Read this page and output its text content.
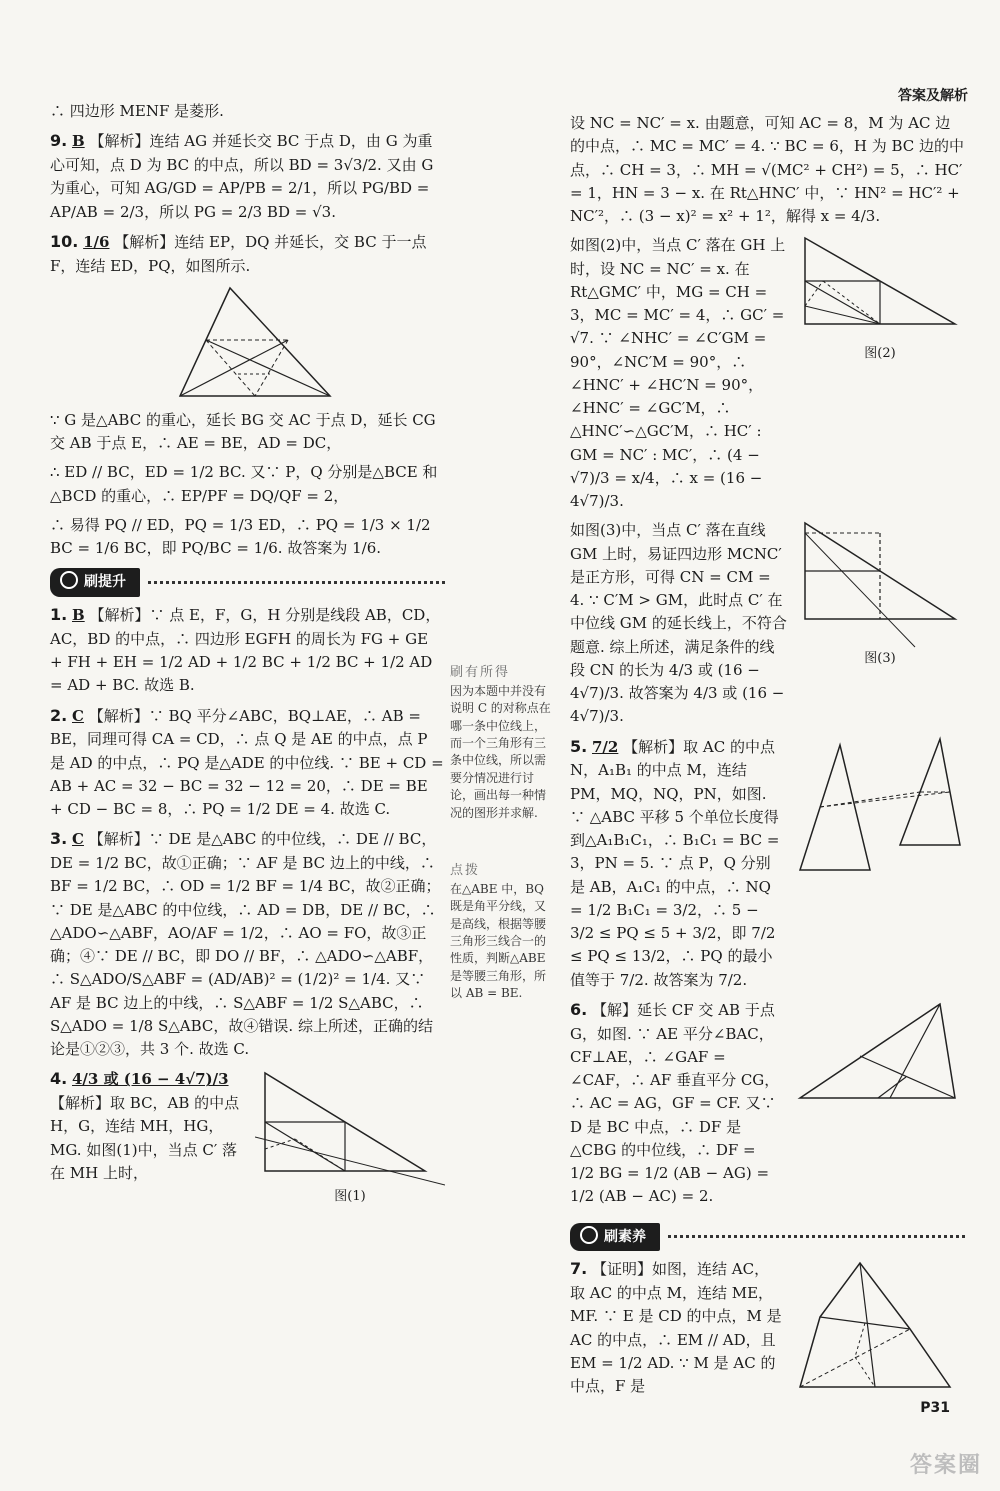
答案及解析

∴ 四边形 MENF 是菱形.

9. B 【解析】连结 AG 并延长交 BC 于点 D，由 G 为重心可知，点 D 为 BC 的中点，所以 BD = 3√3/2. 又由 G 为重心，可知 AG/GD = AP/PB = 2/1，所以 PG/BD = AP/AB = 2/3，所以 PG = 2/3 BD = √3.

10. 1/6 【解析】连结 EP，DQ 并延长，交 BC 于一点 F，连结 ED，PQ，如图所示.

∵ G 是△ABC 的重心，延长 BG 交 AC 于点 D，延长 CG 交 AB 于点 E，∴ AE = BE，AD = DC，

∴ ED // BC，ED = 1/2 BC. 又∵ P，Q 分别是△BCE 和△BCD 的重心，∴ EP/PF = DQ/QF = 2，

∴ 易得 PQ // ED，PQ = 1/3 ED，∴ PQ = 1/3 × 1/2 BC = 1/6 BC，即 PQ/BC = 1/6. 故答案为 1/6.

刷提升

1. B 【解析】∵ 点 E，F，G，H 分别是线段 AB，CD，AC，BD 的中点，∴ 四边形 EGFH 的周长为 FG + GE + FH + EH = 1/2 AD + 1/2 BC + 1/2 BC + 1/2 AD = AD + BC. 故选 B.

2. C 【解析】∵ BQ 平分∠ABC，BQ⊥AE，∴ AB = BE，同理可得 CA = CD，∴ 点 Q 是 AE 的中点，点 P 是 AD 的中点，∴ PQ 是△ADE 的中位线. ∵ BE + CD = AB + AC = 32 − BC = 32 − 12 = 20，∴ DE = BE + CD − BC = 8，∴ PQ = 1/2 DE = 4. 故选 C.

3. C 【解析】∵ DE 是△ABC 的中位线，∴ DE // BC，DE = 1/2 BC，故①正确；∵ AF 是 BC 边上的中线，∴ BF = 1/2 BC，∴ OD = 1/2 BF = 1/4 BC，故②正确；∵ DE 是△ABC 的中位线，∴ AD = DB，DE // BC，∴ △ADO∽△ABF，AO/AF = 1/2，∴ AO = FO，故③正确；④∵ DE // BC，即 DO // BF，∴ △ADO∽△ABF，∴ S△ADO/S△ABF = (AD/AB)² = (1/2)² = 1/4. 又∵ AF 是 BC 边上的中线，∴ S△ABF = 1/2 S△ABC，∴ S△ADO = 1/8 S△ABC，故④错误. 综上所述，正确的结论是①②③，共 3 个. 故选 C.

4. 4/3 或 (16 − 4√7)/3 【解析】取 BC，AB 的中点 H，G，连结 MH，HG，MG. 如图(1)中，当点 C′ 落在 MH 上时，

图(1)
刷有所得

因为本题中并没有说明 C 的对称点在哪一条中位线上，而一个三角形有三条中位线，所以需要分情况进行讨论，画出每一种情况的图形并求解.

点拨

在△ABE 中，BQ 既是角平分线，又是高线，根据等腰三角形三线合一的性质，判断△ABE 是等腰三角形，所以 AB = BE.

设 NC = NC′ = x. 由题意，可知 AC = 8，M 为 AC 边的中点，∴ MC = MC′ = 4. ∵ BC = 6，H 为 BC 边的中点，∴ CH = 3，∴ MH = √(MC² + CH²) = 5，∴ HC′ = 1，HN = 3 − x. 在 Rt△HNC′ 中，∵ HN² = HC′² + NC′²，∴ (3 − x)² = x² + 1²，解得 x = 4/3.

如图(2)中，当点 C′ 落在 GH 上时，设 NC = NC′ = x. 在 Rt△GMC′ 中，MG = CH = 3，MC = MC′ = 4，∴ GC′ = √7. ∵ ∠NHC′ = ∠C′GM = 90°，∠NC′M = 90°，∴ ∠HNC′ + ∠HC′N = 90°，∠HNC′ = ∠GC′M，∴ △HNC′∽△GC′M，∴ HC′ : GM = NC′ : MC′，∴ (4 − √7)/3 = x/4，∴ x = (16 − 4√7)/3.

图(2)

如图(3)中，当点 C′ 落在直线 GM 上时，易证四边形 MCNC′ 是正方形，可得 CN = CM = 4. ∵ C′M > GM，此时点 C′ 在中位线 GM 的延长线上，不符合题意. 综上所述，满足条件的线段 CN 的长为 4/3 或 (16 − 4√7)/3. 故答案为 4/3 或 (16 − 4√7)/3.

图(3)

5. 7/2 【解析】取 AC 的中点 N，A₁B₁ 的中点 M，连结 PM，MQ，NQ，PN，如图. ∵ △ABC 平移 5 个单位长度得到△A₁B₁C₁，∴ B₁C₁ = BC = 3，PN = 5. ∵ 点 P，Q 分别是 AB，A₁C₁ 的中点，∴ NQ = 1/2 B₁C₁ = 3/2，∴ 5 − 3/2 ≤ PQ ≤ 5 + 3/2，即 7/2 ≤ PQ ≤ 13/2，∴ PQ 的最小值等于 7/2. 故答案为 7/2.

6. 【解】延长 CF 交 AB 于点 G，如图. ∵ AE 平分∠BAC，CF⊥AE，∴ ∠GAF = ∠CAF，∴ AF 垂直平分 CG，∴ AC = AG，GF = CF. 又∵ D 是 BC 中点，∴ DF 是△CBG 的中位线，∴ DF = 1/2 BG = 1/2 (AB − AG) = 1/2 (AB − AC) = 2.

刷素养

7. 【证明】如图，连结 AC，取 AC 的中点 M，连结 ME，MF. ∵ E 是 CD 的中点，M 是 AC 的中点，∴ EM // AD，且 EM = 1/2 AD. ∵ M 是 AC 的中点，F 是

P31
答案圈
